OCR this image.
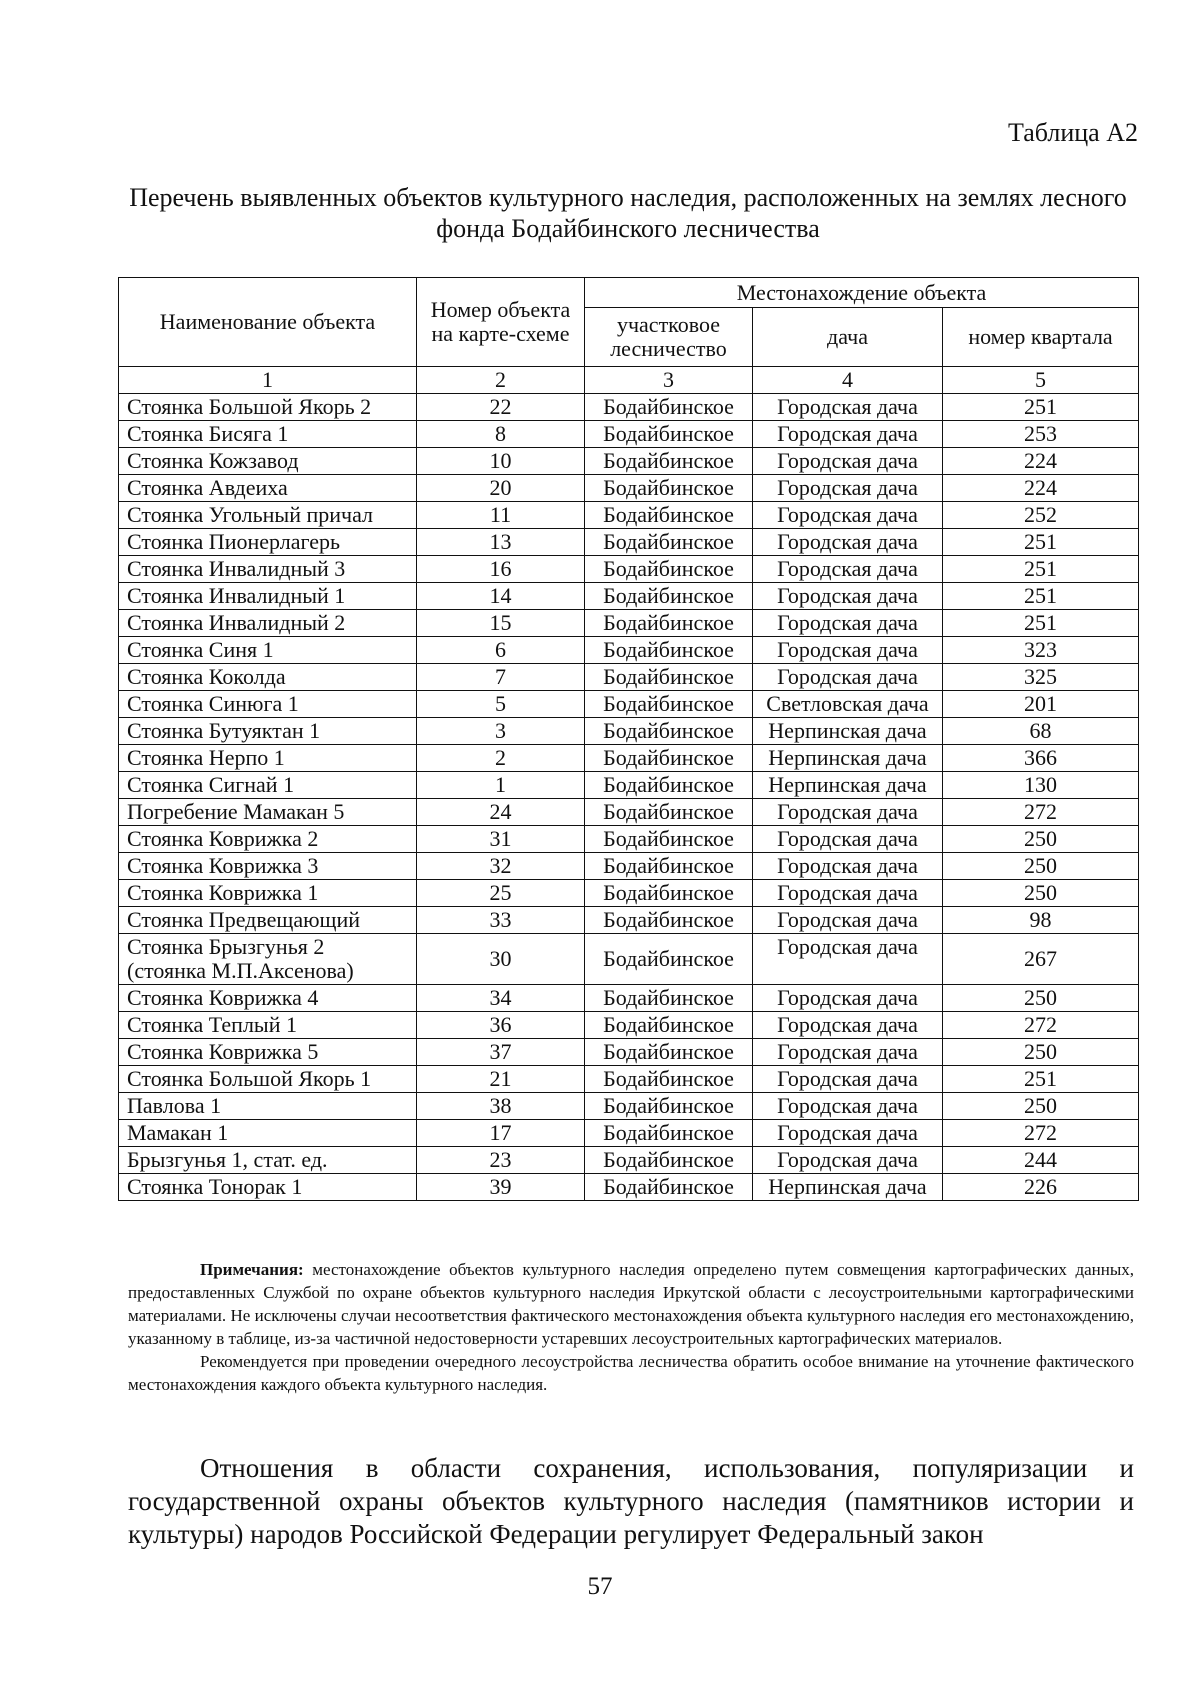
Таблица А2

Перечень выявленных объектов культурного наследия, расположенных на землях лесного фонда Бодайбинского лесничества
Наименование объекта	Номер объекта на карте-схеме	Местонахождение объекта		
		участковое лесничество	дача	номер квартала
1	2	3	4	5
Стоянка Большой Якорь 2	22	Бодайбинское	Городская дача	251
Стоянка Бисяга 1	8	Бодайбинское	Городская дача	253
Стоянка Кожзавод	10	Бодайбинское	Городская дача	224
Стоянка Авдеиха	20	Бодайбинское	Городская дача	224
Стоянка Угольный причал	11	Бодайбинское	Городская дача	252
Стоянка Пионерлагерь	13	Бодайбинское	Городская дача	251
Стоянка Инвалидный 3	16	Бодайбинское	Городская дача	251
Стоянка Инвалидный 1	14	Бодайбинское	Городская дача	251
Стоянка Инвалидный 2	15	Бодайбинское	Городская дача	251
Стоянка Синя 1	6	Бодайбинское	Городская дача	323
Стоянка Коколда	7	Бодайбинское	Городская дача	325
Стоянка Синюга 1	5	Бодайбинское	Светловская дача	201
Стоянка Бутуяктан 1	3	Бодайбинское	Нерпинская дача	68
Стоянка Нерпо 1	2	Бодайбинское	Нерпинская дача	366
Стоянка Сигнай 1	1	Бодайбинское	Нерпинская дача	130
Погребение Мамакан 5	24	Бодайбинское	Городская дача	272
Стоянка Коврижка 2	31	Бодайбинское	Городская дача	250
Стоянка Коврижка 3	32	Бодайбинское	Городская дача	250
Стоянка Коврижка 1	25	Бодайбинское	Городская дача	250
Стоянка Предвещающий	33	Бодайбинское	Городская дача	98

Стоянка Брызгунья 2
(стоянка М.П.Аксенова)	30	Бодайбинское	Городская дача	267
Стоянка Коврижка 4	34	Бодайбинское	Городская дача	250
Стоянка Теплый 1	36	Бодайбинское	Городская дача	272
Стоянка Коврижка 5	37	Бодайбинское	Городская дача	250
Стоянка Большой Якорь 1	21	Бодайбинское	Городская дача	251
Павлова 1	38	Бодайбинское	Городская дача	250
Мамакан 1	17	Бодайбинское	Городская дача	272
Брызгунья 1, стат. ед.	23	Бодайбинское	Городская дача	244
Стоянка Тонорак 1	39	Бодайбинское	Нерпинская дача	226

Примечания: местонахождение объектов культурного наследия определено путем совмещения картографических данных, предоставленных Службой по охране объектов культурного наследия Иркутской области с лесоустроительными картографическими материалами. Не исключены случаи несоответствия фактического местонахождения объекта культурного наследия его местонахождению, указанному в таблице, из-за частичной недостоверности устаревших лесоустроительных картографических материалов.

Рекомендуется при проведении очередного лесоустройства лесничества обратить особое внимание на уточнение фактического местонахождения каждого объекта культурного наследия.

Отношения в области сохранения, использования, популяризации и государственной охраны объектов культурного наследия (памятников истории и культуры) народов Российской Федерации регулирует Федеральный закон

57
